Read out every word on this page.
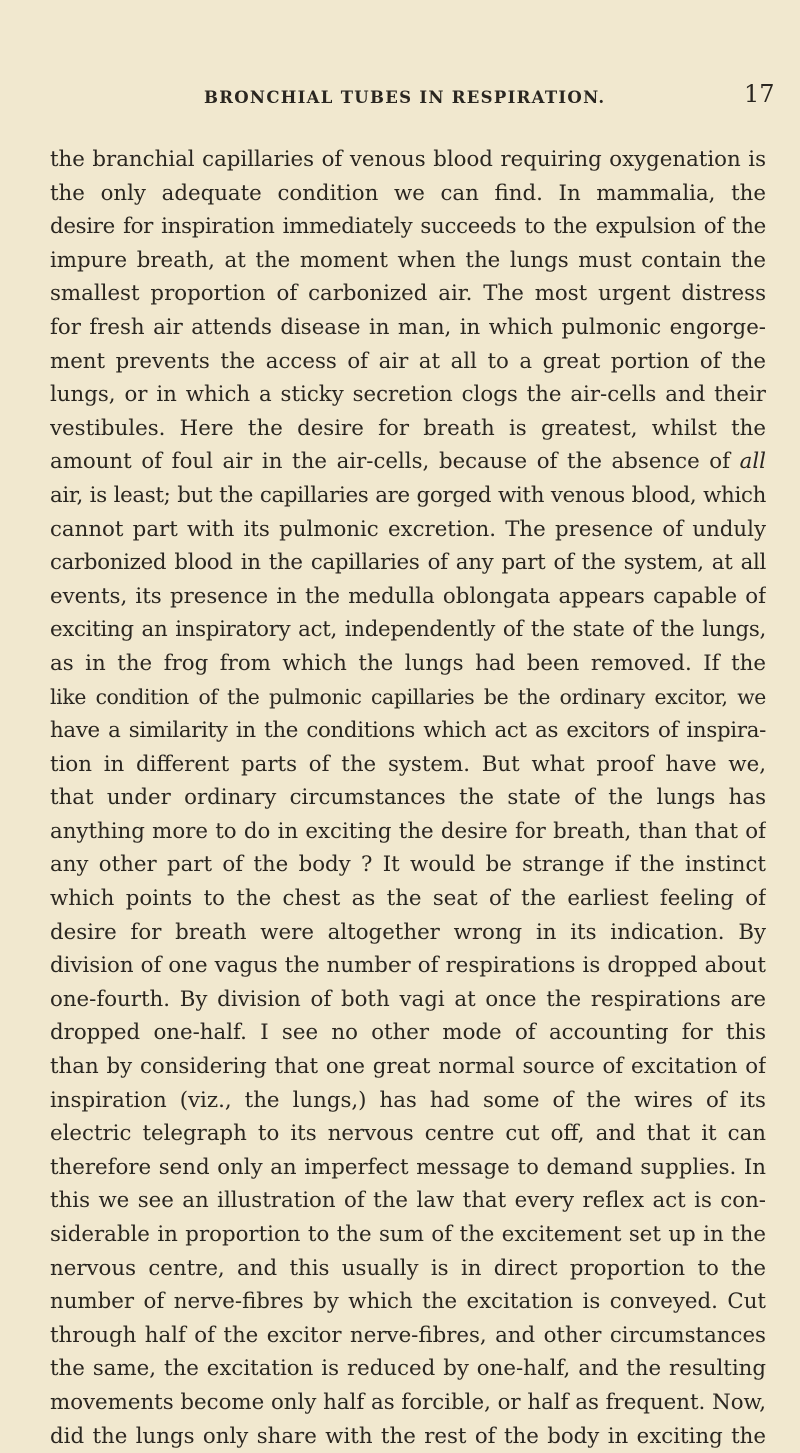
BRONCHIAL TUBES IN RESPIRATION.	17
the branchial capillaries of venous blood requiring oxygenation is
the only adequate condition we can find. In mammalia, the
desire for inspiration immediately succeeds to the expulsion of the
impure breath, at the moment when the lungs must contain the
smallest proportion of carbonized air. The most urgent distress
for fresh air attends disease in man, in which pulmonic engorge-
ment prevents the access of air at all to a great portion of the
lungs, or in which a sticky secretion clogs the air-cells and their
vestibules. Here the desire for breath is greatest, whilst the
amount of foul air in the air-cells, because of the absence of all
air, is least; but the capillaries are gorged with venous blood, which
cannot part with its pulmonic excretion. The presence of unduly
carbonized blood in the capillaries of any part of the system, at all
events, its presence in the medulla oblongata appears capable of
exciting an inspiratory act, independently of the state of the lungs,
as in the frog from which the lungs had been removed. If the
like condition of the pulmonic capillaries be the ordinary excitor, we
have a similarity in the conditions which act as excitors of inspira-
tion in different parts of the system. But what proof have we,
that under ordinary circumstances the state of the lungs has
anything more to do in exciting the desire for breath, than that of
any other part of the body ? It would be strange if the instinct
which points to the chest as the seat of the earliest feeling of
desire for breath were altogether wrong in its indication. By
division of one vagus the number of respirations is dropped about
one-fourth. By division of both vagi at once the respirations are
dropped one-half. I see no other mode of accounting for this
than by considering that one great normal source of excitation of
inspiration (viz., the lungs,) has had some of the wires of its
electric telegraph to its nervous centre cut off, and that it can
therefore send only an imperfect message to demand supplies. In
this we see an illustration of the law that every reflex act is con-
siderable in proportion to the sum of the excitement set up in the
nervous centre, and this usually is in direct proportion to the
number of nerve-fibres by which the excitation is conveyed. Cut
through half of the excitor nerve-fibres, and other circumstances
the same, the excitation is reduced by one-half, and the resulting
movements become only half as forcible, or half as frequent. Now,
did the lungs only share with the rest of the body in exciting the
